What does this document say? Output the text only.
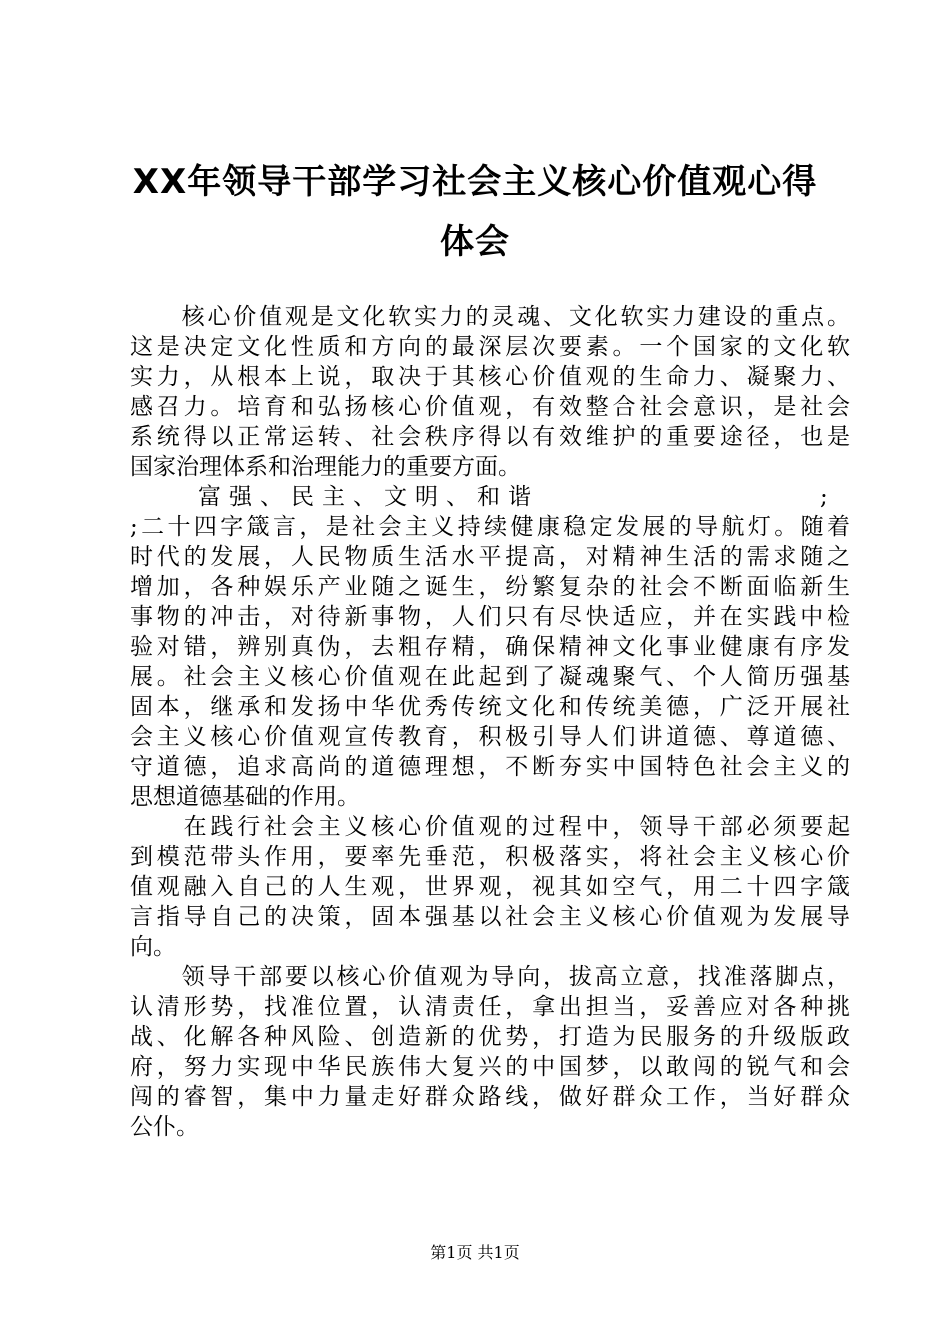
XX年领导干部学习社会主义核心价值观心得
体会
　　核心价值观是文化软实力的灵魂、文化软实力建设的重点。
这是决定文化性质和方向的最深层次要素。一个国家的文化软
实力，从根本上说，取决于其核心价值观的生命力、凝聚力、
感召力。培育和弘扬核心价值观，有效整合社会意识，是社会
系统得以正常运转、社会秩序得以有效维护的重要途径，也是
国家治理体系和治理能力的重要方面。
;二十四字箴言，是社会主义持续健康稳定发展的导航灯。随着
时代的发展，人民物质生活水平提高，对精神生活的需求随之
增加，各种娱乐产业随之诞生，纷繁复杂的社会不断面临新生
事物的冲击，对待新事物，人们只有尽快适应，并在实践中检
验对错，辨别真伪，去粗存精，确保精神文化事业健康有序发
展。社会主义核心价值观在此起到了凝魂聚气、个人简历强基
固本，继承和发扬中华优秀传统文化和传统美德，广泛开展社
会主义核心价值观宣传教育，积极引导人们讲道德、尊道德、
守道德，追求高尚的道德理想，不断夯实中国特色社会主义的
思想道德基础的作用。
　　在践行社会主义核心价值观的过程中，领导干部必须要起
到模范带头作用，要率先垂范，积极落实，将社会主义核心价
值观融入自己的人生观，世界观，视其如空气，用二十四字箴
言指导自己的决策，固本强基以社会主义核心价值观为发展导
向。
　　领导干部要以核心价值观为导向，拔高立意，找准落脚点，
认清形势，找准位置，认清责任，拿出担当，妥善应对各种挑
战、化解各种风险、创造新的优势，打造为民服务的升级版政
府，努力实现中华民族伟大复兴的中国梦，以敢闯的锐气和会
闯的睿智，集中力量走好群众路线，做好群众工作，当好群众
公仆。
富强、民主、文明、和谐	;
第1页 共1页
